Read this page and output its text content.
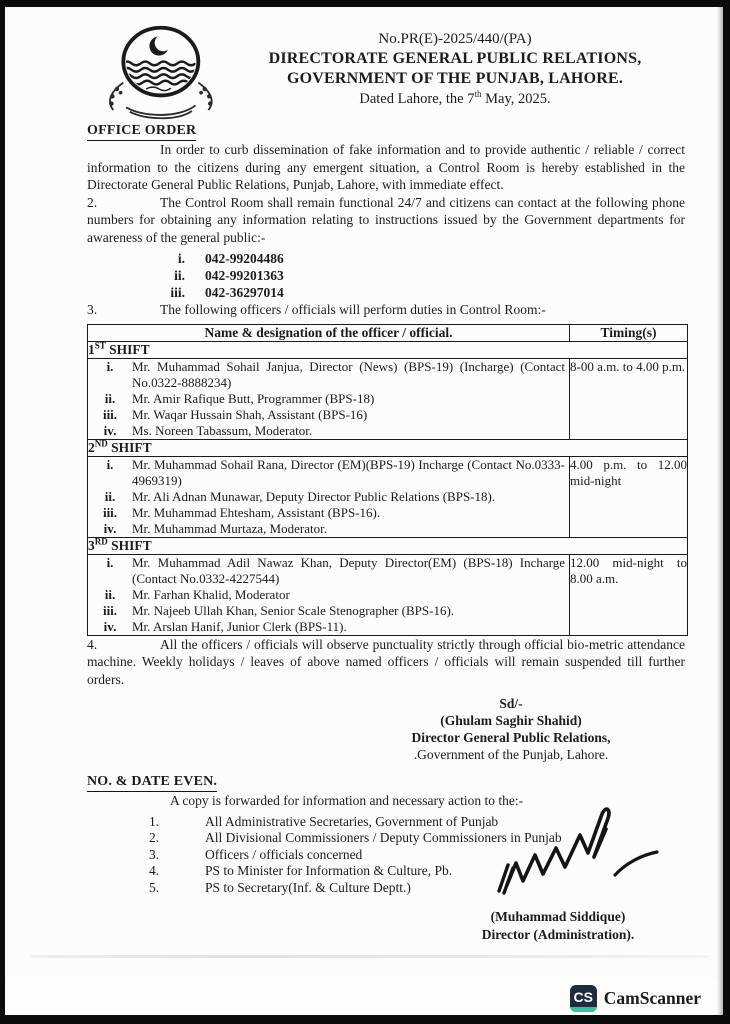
No.PR(E)-2025/440/(PA)
DIRECTORATE GENERAL PUBLIC RELATIONS,
GOVERNMENT OF THE PUNJAB, LAHORE.
Dated Lahore, the 7th May, 2025.
OFFICE ORDER

In order to curb dissemination of fake information and to provide authentic / reliable / correct information to the citizens during any emergent situation, a Control Room is hereby established in the Directorate General Public Relations, Punjab, Lahore, with immediate effect.

2.	The Control Room shall remain functional 24/7 and citizens can contact at the following phone numbers for obtaining any information relating to instructions issued by the Government departments for awareness of the general public:-

i. 042-99204486
ii. 042-99201363
iii. 042-36297014

3.	The following officers / officials will perform duties in Control Room:-

Name & designation of the officer / official.	Timing(s)
1ST SHIFT	

i.	Mr. Muhammad Sohail Janjua, Director (News) (BPS-19) (Incharge) (Contact No.0322-8888234)
ii.	Mr. Amir Rafique Butt, Programmer (BPS-18)
iii.	Mr. Waqar Hussain Shah, Assistant (BPS-16)
iv.	Ms. Noreen Tabassum, Moderator.
	8-00 a.m. to 4.00 p.m.
2ND SHIFT	

i.	Mr. Muhammad Sohail Rana, Director (EM)(BPS-19) Incharge (Contact No.0333-4969319)
ii.	Mr. Ali Adnan Munawar, Deputy Director Public Relations (BPS-18).
iii.	Mr. Muhammad Ehtesham, Assistant (BPS-16).
iv.	Mr. Muhammad Murtaza, Moderator.
	4.00 p.m. to 12.00 mid-night
3RD SHIFT	

i.	Mr. Muhammad Adil Nawaz Khan, Deputy Director(EM) (BPS-18) Incharge (Contact No.0332-4227544)
ii.	Mr. Farhan Khalid, Moderator
iii.	Mr. Najeeb Ullah Khan, Senior Scale Stenographer (BPS-16).
iv.	Mr. Arslan Hanif, Junior Clerk (BPS-11).
	12.00 mid-night to 8.00 a.m.

4.	All the officers / officials will observe punctuality strictly through official bio-metric attendance machine. Weekly holidays / leaves of above named officers / officials will remain suspended till further orders.

Sd/-
(Ghulam Saghir Shahid)
Director General Public Relations,
.Government of the Punjab, Lahore.
NO. & DATE EVEN.

A copy is forwarded for information and necessary action to the:-

1.	All Administrative Secretaries, Government of Punjab
2.	All Divisional Commissioners / Deputy Commissioners in Punjab
3.	Officers / officials concerned
4.	PS to Minister for Information & Culture, Pb.
5.	PS to Secretary(Inf. & Culture Deptt.)
(Muhammad Siddique)
Director (Administration).
CS CamScanner
